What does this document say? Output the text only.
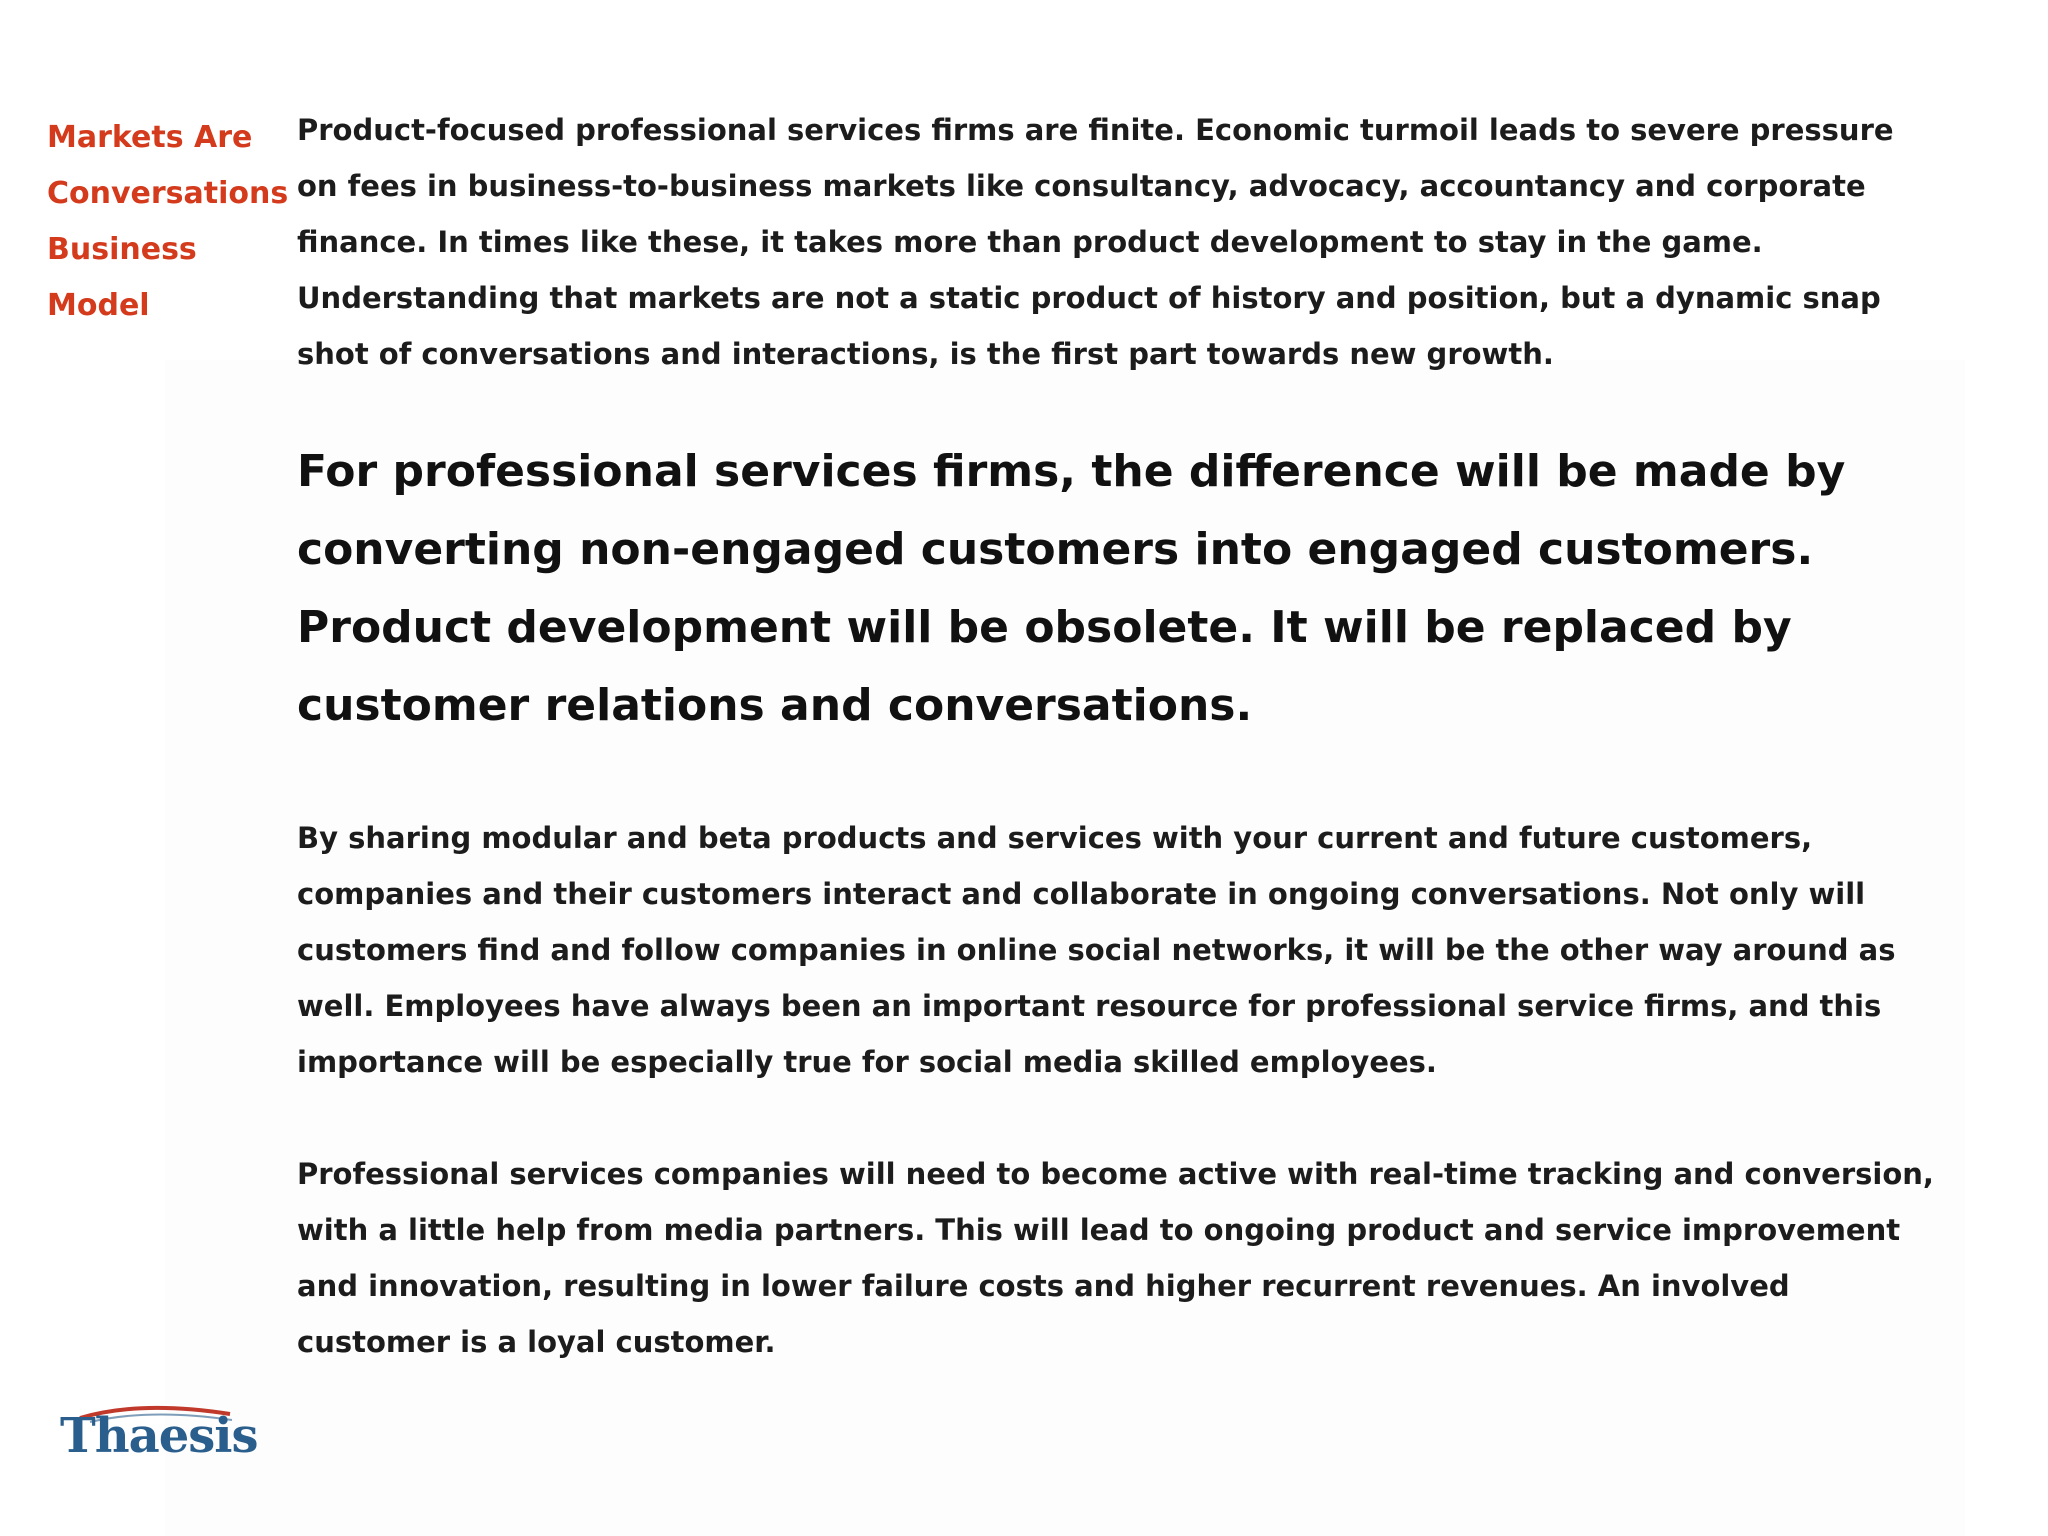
Markets Are
Conversations
Business
Model
Product-focused professional services firms are finite. Economic turmoil leads to severe pressure
on fees in business-to-business markets like consultancy, advocacy, accountancy and corporate
finance. In times like these, it takes more than product development to stay in the game.
Understanding that markets are not a static product of history and position, but a dynamic snap
shot of conversations and interactions, is the first part towards new growth.
For professional services firms, the difference will be made by
converting non-engaged customers into engaged customers.
Product development will be obsolete. It will be replaced by
customer relations and conversations.
By sharing modular and beta products and services with your current and future customers,
companies and their customers interact and collaborate in ongoing conversations. Not only will
customers find and follow companies in online social networks, it will be the other way around as
well. Employees have always been an important resource for professional service firms, and this
importance will be especially true for social media skilled employees.
Professional services companies will need to become active with real-time tracking and conversion,
with a little help from media partners. This will lead to ongoing product and service improvement
and innovation, resulting in lower failure costs and higher recurrent revenues. An involved
customer is a loyal customer.
Thaesis
